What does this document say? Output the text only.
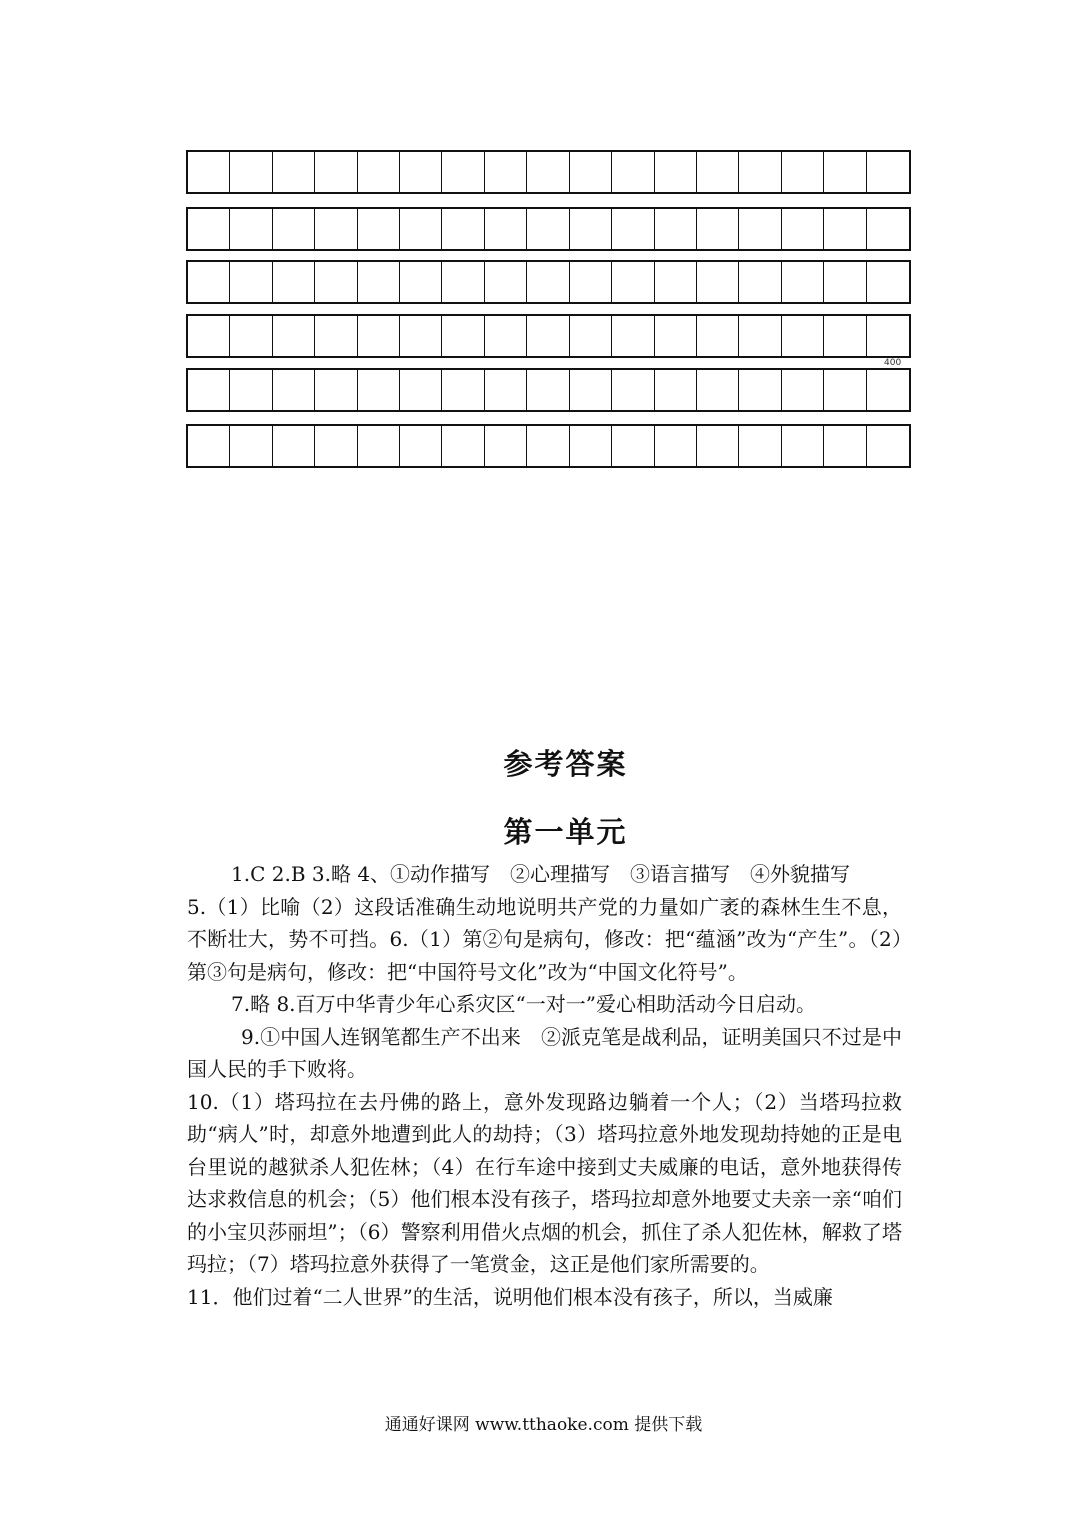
400
参考答案
第一单元

1.C 2.B 3.略 4、①动作描写　②心理描写　③语言描写　④外貌描写

5.（1）比喻（2）这段话准确生动地说明共产党的力量如广袤的森林生生不息，不断壮大，势不可挡。6.（1）第②句是病句，修改：把“蕴涵”改为“产生”。（2）第③句是病句，修改：把“中国符号文化”改为“中国文化符号”。

7.略 8.百万中华青少年心系灾区“一对一”爱心相助活动今日启动。

9.①中国人连钢笔都生产不出来　②派克笔是战利品，证明美国只不过是中国人民的手下败将。

10.（1）塔玛拉在去丹佛的路上，意外发现路边躺着一个人；（2）当塔玛拉救助“病人”时，却意外地遭到此人的劫持；（3）塔玛拉意外地发现劫持她的正是电台里说的越狱杀人犯佐林；（4）在行车途中接到丈夫威廉的电话，意外地获得传达求救信息的机会；（5）他们根本没有孩子，塔玛拉却意外地要丈夫亲一亲“咱们的小宝贝莎丽坦”；（6）警察利用借火点烟的机会，抓住了杀人犯佐林，解救了塔玛拉；（7）塔玛拉意外获得了一笔赏金，这正是他们家所需要的。

11．他们过着“二人世界”的生活，说明他们根本没有孩子，所以，当威廉

通通好课网 www.tthaoke.com 提供下载
